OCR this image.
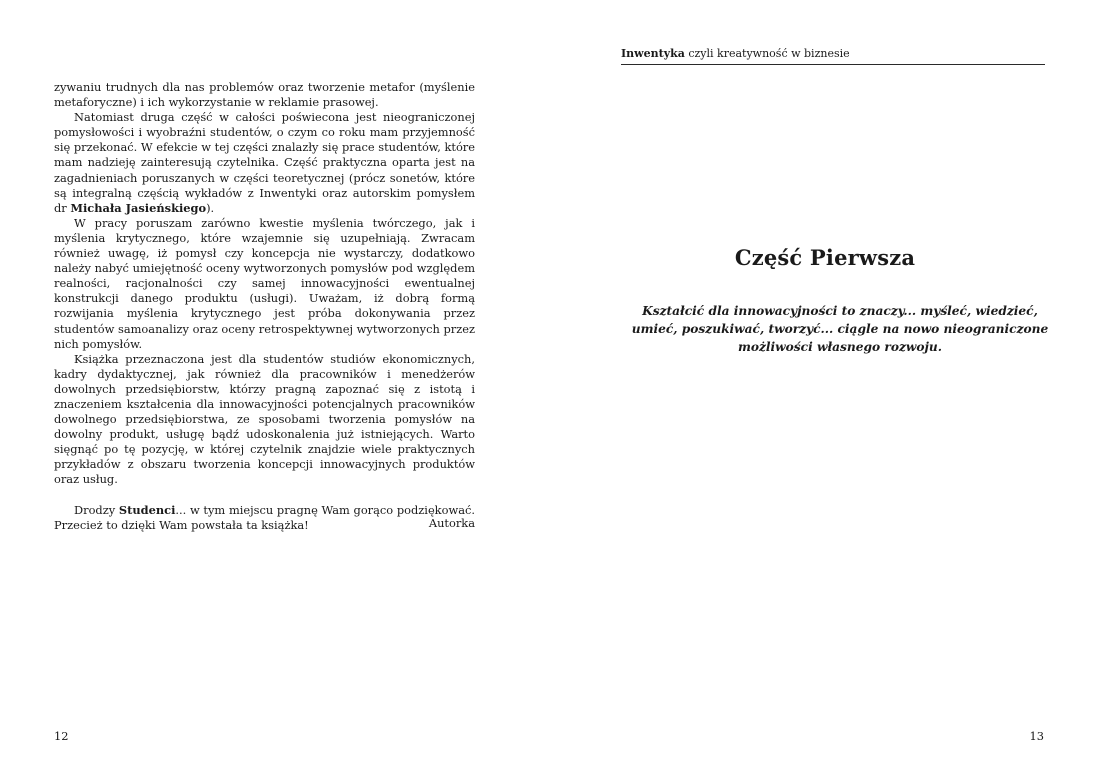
zywaniu trudnych dla nas problemów oraz tworzenie metafor (myślenie metaforyczne) i ich wykorzystanie w reklamie prasowej.

Natomiast druga część w całości poświecona jest nieograniczonej pomysłowości i wyobraźni studentów, o czym co roku mam przyjemność się przekonać. W efekcie w tej części znalazły się prace studentów, które mam nadzieję zainteresują czytelnika. Część praktyczna oparta jest na zagadnieniach poruszanych w części teoretycznej (prócz sonetów, które są integralną częścią wykładów z Inwentyki oraz autorskim pomysłem dr Michała Jasieńskiego).

W pracy poruszam zarówno kwestie myślenia twórczego, jak i myślenia krytycznego, które wzajemnie się uzupełniają. Zwracam również uwagę, iż pomysł czy koncepcja nie wystarczy, dodatkowo należy nabyć umiejętność oceny wytworzonych pomysłów pod względem realności, racjonalności czy samej innowacyjności ewentualnej konstrukcji danego produktu (usługi). Uważam, iż dobrą formą rozwijania myślenia krytycznego jest próba dokonywania przez studentów samoanalizy oraz oceny retrospektywnej wytworzonych przez nich pomysłów.

Książka przeznaczona jest dla studentów studiów ekonomicznych, kadry dydaktycznej, jak również dla pracowników i menedżerów dowolnych przedsiębiorstw, którzy pragną zapoznać się z istotą i znaczeniem kształcenia dla innowacyjności potencjalnych pracowników dowolnego przedsiębiorstwa, ze sposobami tworzenia pomysłów na dowolny produkt, usługę bądź udoskonalenia już istniejących. Warto sięgnąć po tę pozycję, w której czytelnik znajdzie wiele praktycznych przykładów z obszaru tworzenia koncepcji innowacyjnych produktów oraz usług.

Drodzy Studenci... w tym miejscu pragnę Wam gorąco podziękować. Przecież to dzięki Wam powstała ta książka!	Autorka
12
Inwentyka czyli kreatywność w biznesie
Część Pierwsza
Kształcić dla innowacyjności to znaczy... myśleć, wiedzieć, umieć, poszukiwać, tworzyć... ciągle na nowo nieograniczone możliwości własnego rozwoju.
13
